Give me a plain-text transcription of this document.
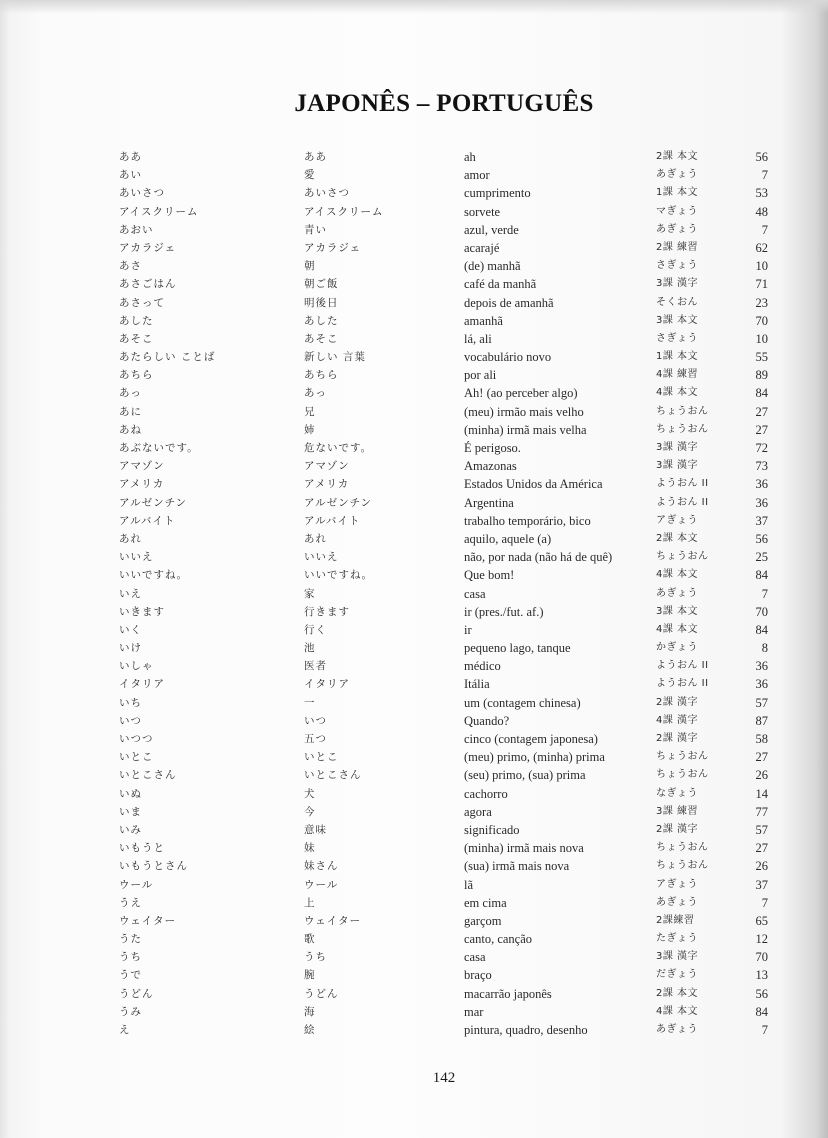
JAPONÊS – PORTUGUÊS
ああ	ああ	ah	2課 本文	56
あい	愛	amor	あぎょう	7
あいさつ	あいさつ	cumprimento	1課 本文	53
アイスクリーム	アイスクリーム	sorvete	マぎょう	48
あおい	青い	azul, verde	あぎょう	7
アカラジェ	アカラジェ	acarajé	2課 練習	62
あさ	朝	(de) manhã	さぎょう	10
あさごはん	朝ご飯	café da manhã	3課 漢字	71
あさって	明後日	depois de amanhã	そくおん	23
あした	あした	amanhã	3課 本文	70
あそこ	あそこ	lá, ali	さぎょう	10
あたらしい ことば	新しい 言葉	vocabulário novo	1課 本文	55
あちら	あちら	por ali	4課 練習	89
あっ	あっ	Ah! (ao perceber algo)	4課 本文	84
あに	兄	(meu) irmão mais velho	ちょうおん	27
あね	姉	(minha) irmã mais velha	ちょうおん	27
あぶないです。	危ないです。	É perigoso.	3課 漢字	72
アマゾン	アマゾン	Amazonas	3課 漢字	73
アメリカ	アメリカ	Estados Unidos da América	ようおん II	36
アルゼンチン	アルゼンチン	Argentina	ようおん II	36
アルバイト	アルバイト	trabalho temporário, bico	アぎょう	37
あれ	あれ	aquilo, aquele (a)	2課 本文	56
いいえ	いいえ	não, por nada (não há de quê)	ちょうおん	25
いいですね。	いいですね。	Que bom!	4課 本文	84
いえ	家	casa	あぎょう	7
いきます	行きます	ir (pres./fut. af.)	3課 本文	70
いく	行く	ir	4課 本文	84
いけ	池	pequeno lago, tanque	かぎょう	8
いしゃ	医者	médico	ようおん II	36
イタリア	イタリア	Itália	ようおん II	36
いち	一	um (contagem chinesa)	2課 漢字	57
いつ	いつ	Quando?	4課 漢字	87
いつつ	五つ	cinco (contagem japonesa)	2課 漢字	58
いとこ	いとこ	(meu) primo, (minha) prima	ちょうおん	27
いとこさん	いとこさん	(seu) primo, (sua) prima	ちょうおん	26
いぬ	犬	cachorro	なぎょう	14
いま	今	agora	3課 練習	77
いみ	意味	significado	2課 漢字	57
いもうと	妹	(minha) irmã mais nova	ちょうおん	27
いもうとさん	妹さん	(sua) irmã mais nova	ちょうおん	26
ウール	ウール	lã	アぎょう	37
うえ	上	em cima	あぎょう	7
ウェイター	ウェイター	garçom	2課練習	65
うた	歌	canto, canção	たぎょう	12
うち	うち	casa	3課 漢字	70
うで	腕	braço	だぎょう	13
うどん	うどん	macarrão japonês	2課 本文	56
うみ	海	mar	4課 本文	84
え	絵	pintura, quadro, desenho	あぎょう	7
142
